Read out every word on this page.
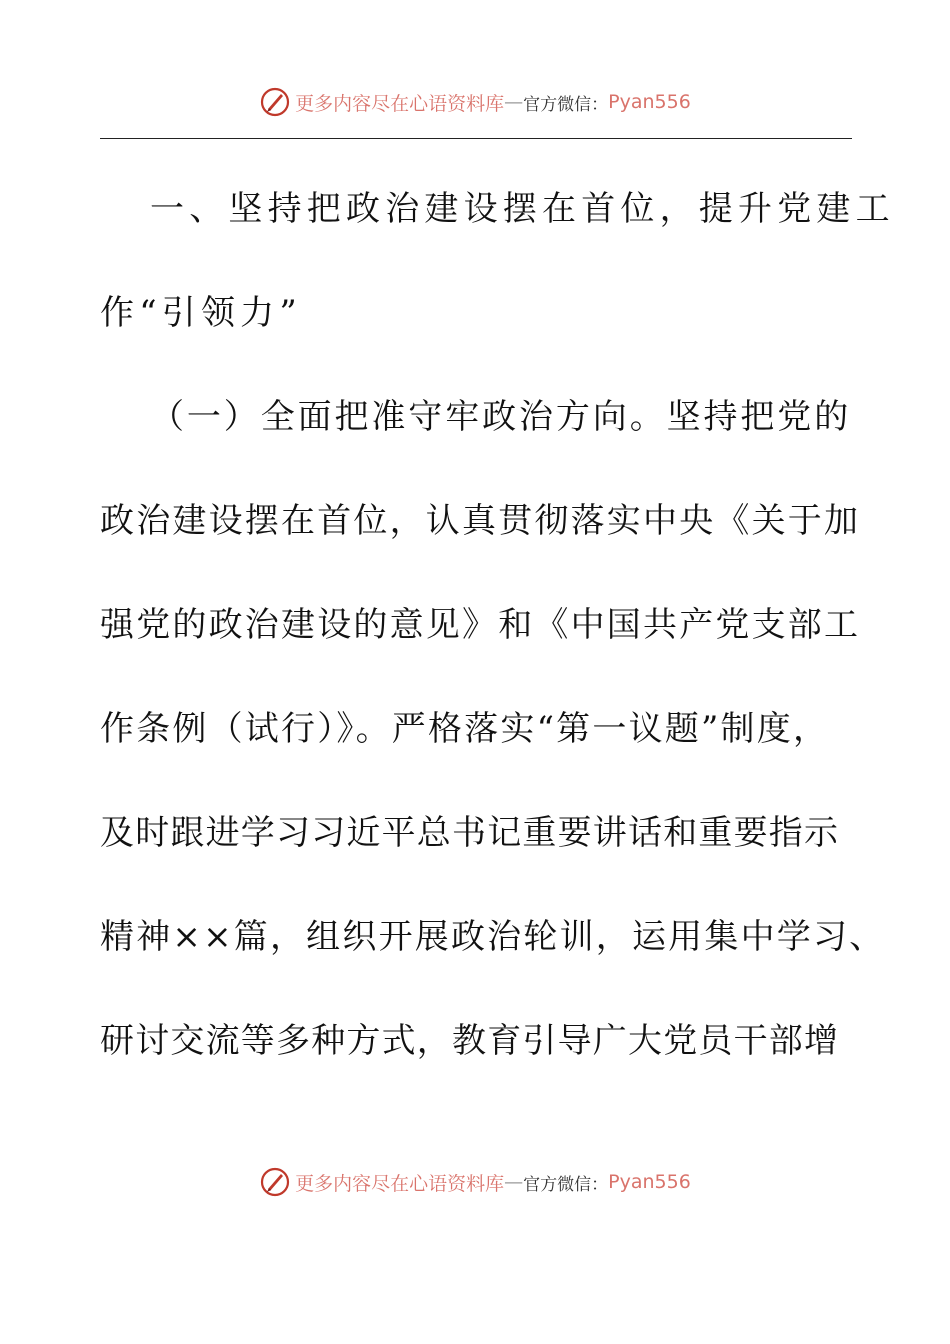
更多内容尽在心语资料库 — 官方微信： Pyan556
一、坚持把政治建设摆在首位，提升党建工
作“引领力”
（一）全面把准守牢政治方向。坚持把党的
政治建设摆在首位，认真贯彻落实中央《关于加
强党的政治建设的意见》和《中国共产党支部工
作条例（试行）》。严格落实“第一议题”制度，
及时跟进学习习近平总书记重要讲话和重要指示
精神××篇，组织开展政治轮训，运用集中学习、
研讨交流等多种方式，教育引导广大党员干部增
更多内容尽在心语资料库 — 官方微信： Pyan556
